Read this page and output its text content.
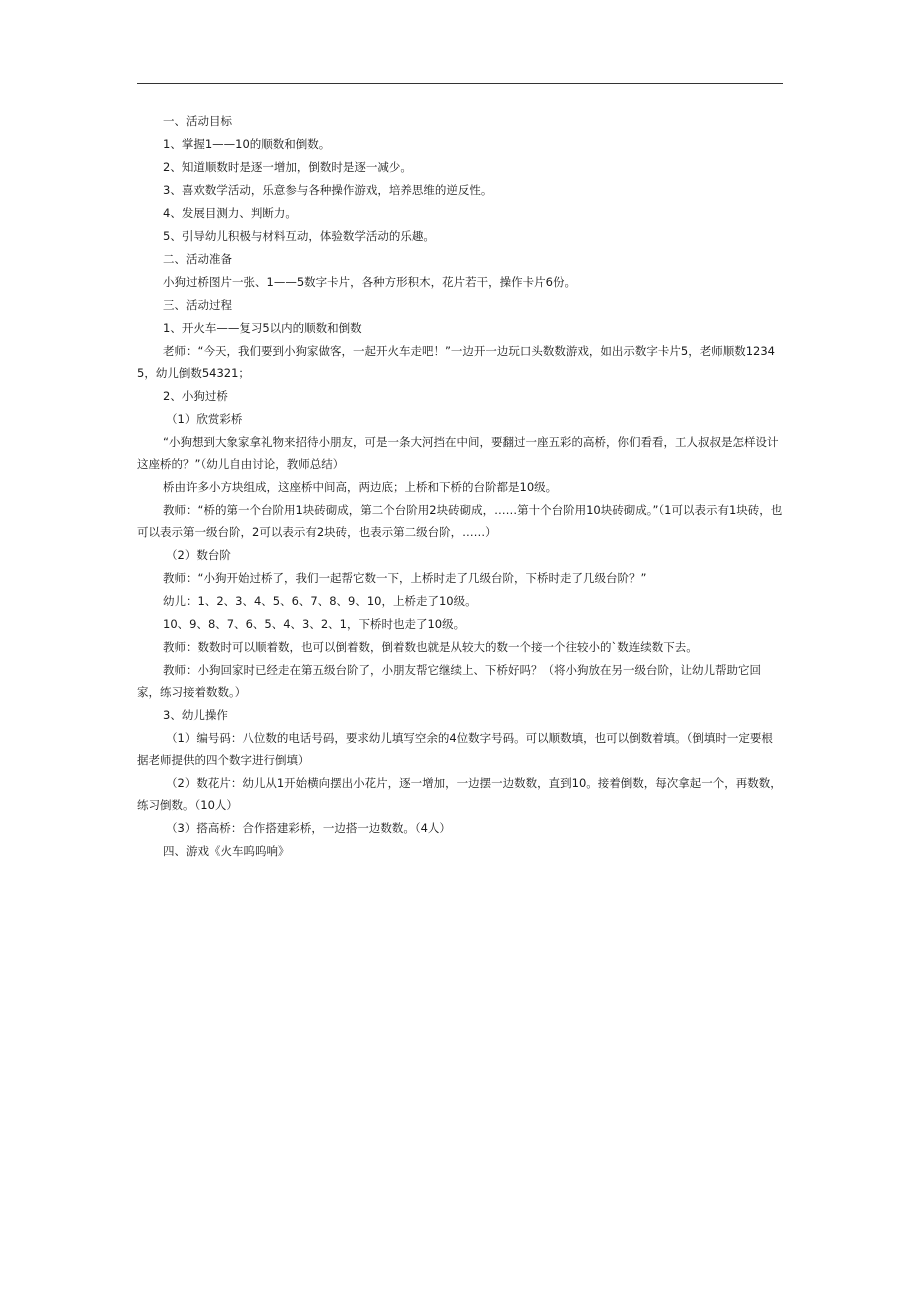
一、活动目标

1、掌握1——10的顺数和倒数。

2、知道顺数时是逐一增加，倒数时是逐一减少。

3、喜欢数学活动，乐意参与各种操作游戏，培养思维的逆反性。

4、发展目测力、判断力。

5、引导幼儿积极与材料互动，体验数学活动的乐趣。

二、活动准备

小狗过桥图片一张、1——5数字卡片，各种方形积木，花片若干，操作卡片6份。

三、活动过程

1、开火车——复习5以内的顺数和倒数

老师：“今天，我们要到小狗家做客，一起开火车走吧！”一边开一边玩口头数数游戏，如出示数字卡片5，老师顺数12345，幼儿倒数54321；

2、小狗过桥

（1）欣赏彩桥

“小狗想到大象家拿礼物来招待小朋友，可是一条大河挡在中间，要翻过一座五彩的高桥，你们看看，工人叔叔是怎样设计这座桥的？”（幼儿自由讨论，教师总结）

桥由许多小方块组成，这座桥中间高，两边底；上桥和下桥的台阶都是10级。

教师：“桥的第一个台阶用1块砖砌成，第二个台阶用2块砖砌成，……第十个台阶用10块砖砌成。”（1可以表示有1块砖，也可以表示第一级台阶，2可以表示有2块砖，也表示第二级台阶，……）

（2）数台阶

教师：“小狗开始过桥了，我们一起帮它数一下，上桥时走了几级台阶，下桥时走了几级台阶？”

幼儿：1、2、3、4、5、6、7、8、9、10，上桥走了10级。

10、9、8、7、6、5、4、3、2、1，下桥时也走了10级。

教师：数数时可以顺着数，也可以倒着数，倒着数也就是从较大的数一个接一个往较小的`数连续数下去。

教师：小狗回家时已经走在第五级台阶了，小朋友帮它继续上、下桥好吗？（将小狗放在另一级台阶，让幼儿帮助它回家，练习接着数数。）

3、幼儿操作

（1）编号码：八位数的电话号码，要求幼儿填写空余的4位数字号码。可以顺数填，也可以倒数着填。（倒填时一定要根据老师提供的四个数字进行倒填）

（2）数花片：幼儿从1开始横向摆出小花片，逐一增加，一边摆一边数数，直到10。接着倒数，每次拿起一个，再数数，练习倒数。（10人）

（3）搭高桥：合作搭建彩桥，一边搭一边数数。（4人）

四、游戏《火车呜呜响》
